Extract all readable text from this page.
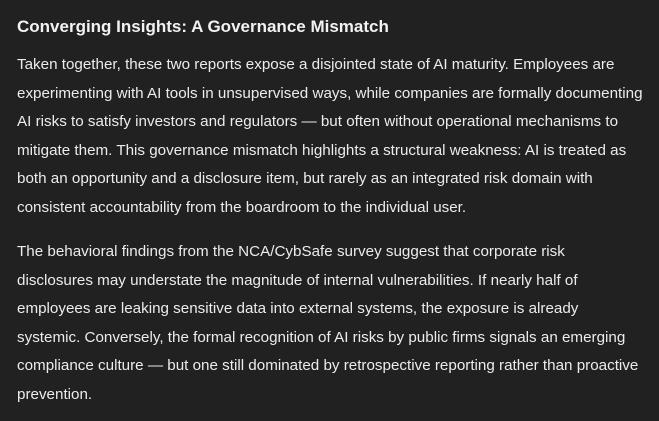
Converging Insights: A Governance Mismatch

Taken together, these two reports expose a disjointed state of AI maturity. Employees are experimenting with AI tools in unsupervised ways, while companies are formally documenting AI risks to satisfy investors and regulators — but often without operational mechanisms to mitigate them. This governance mismatch highlights a structural weakness: AI is treated as both an opportunity and a disclosure item, but rarely as an integrated risk domain with consistent accountability from the boardroom to the individual user.

The behavioral findings from the NCA/CybSafe survey suggest that corporate risk disclosures may understate the magnitude of internal vulnerabilities. If nearly half of employees are leaking sensitive data into external systems, the exposure is already systemic. Conversely, the formal recognition of AI risks by public firms signals an emerging compliance culture — but one still dominated by retrospective reporting rather than proactive prevention.
